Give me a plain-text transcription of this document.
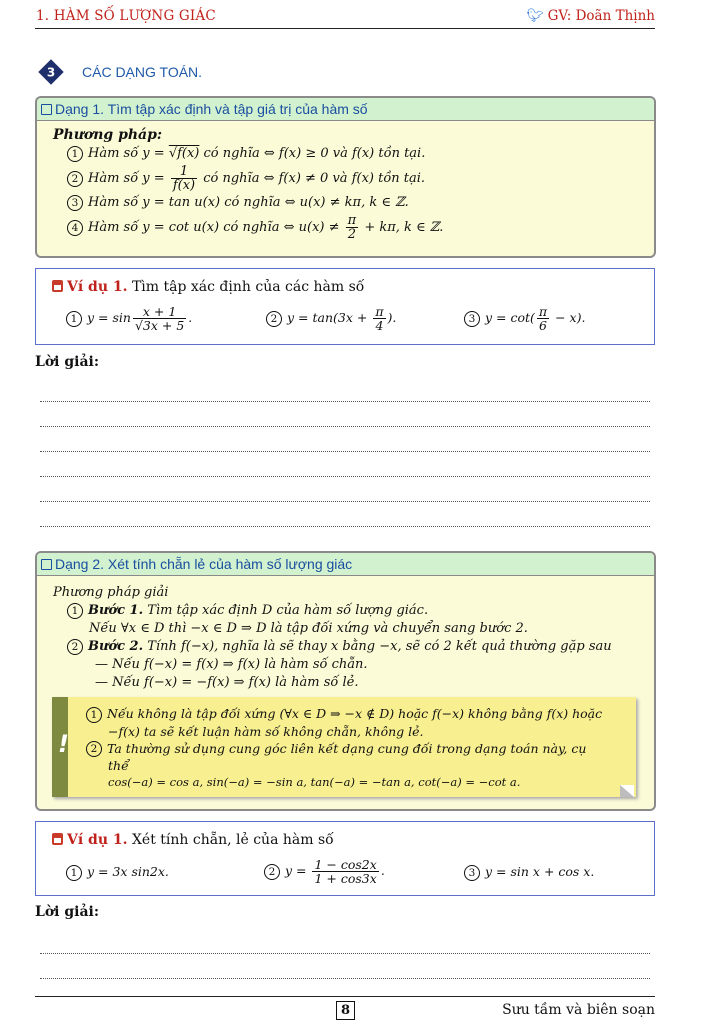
1. HÀM SỐ LƯỢNG GIÁC	🐦︎ GV: Doãn Thịnh
3 CÁC DẠNG TOÁN.
Dạng 1. Tìm tập xác định và tập giá trị của hàm số
Phương pháp:
1 Hàm số y = √f(x) có nghĩa ⇔ f(x) ≥ 0 và f(x) tồn tại.
2 Hàm số $y = \frac{1}{f(x)}$ có nghĩa ⇔ f(x) ≠ 0 và f(x) tồn tại.
3 Hàm số y = tan u(x) có nghĩa ⇔ u(x) ≠ kπ, k ∈ ℤ.
4 Hàm số y = cot u(x) có nghĩa ⇔ $u(x) \ne \frac{\pi}{2} + k\pi$, k ∈ ℤ.
Ví dụ 1. Tìm tập xác định của các hàm số
1 $y = \sin \frac{x + 1}{√3x + 5}$ .	2 $y = \tan(3x + \frac{\pi}{4}$ ).	3 $y = \cot( \frac{\pi}{6} - x)$.
Lời giải:
Dạng 2. Xét tính chẵn lẻ của hàm số lượng giác
Phương pháp giải
1 Bước 1. Tìm tập xác định D của hàm số lượng giác.
Nếu ∀x ∈ D thì −x ∈ D ⇒ D là tập đối xứng và chuyển sang bước 2.
2 Bước 2. Tính f(−x), nghĩa là sẽ thay x bằng −x, sẽ có 2 kết quả thường gặp sau
— Nếu f(−x) = f(x) ⇒ f(x) là hàm số chẵn.
— Nếu f(−x) = −f(x) ⇒ f(x) là hàm số lẻ.
1 Nếu không là tập đối xứng (∀x ∈ D ⇒ −x ∉ D) hoặc f(−x) không bằng f(x) hoặc
−f(x) ta sẽ kết luận hàm số không chẵn, không lẻ.
2 Ta thường sử dụng cung góc liên kết dạng cung đối trong dạng toán này, cụ
thể
cos(−a) = cos a, sin(−a) = −sin a, tan(−a) = −tan a, cot(−a) = −cot a.
!
Ví dụ 1. Xét tính chẵn, lẻ của hàm số
1 y = 3x sin2x.	2 $y = \frac{1 - \cos 2x}{1 + \cos 3x}$ .	3 y = sin x + cos x.
Lời giải:
8	Sưu tầm và biên soạn
